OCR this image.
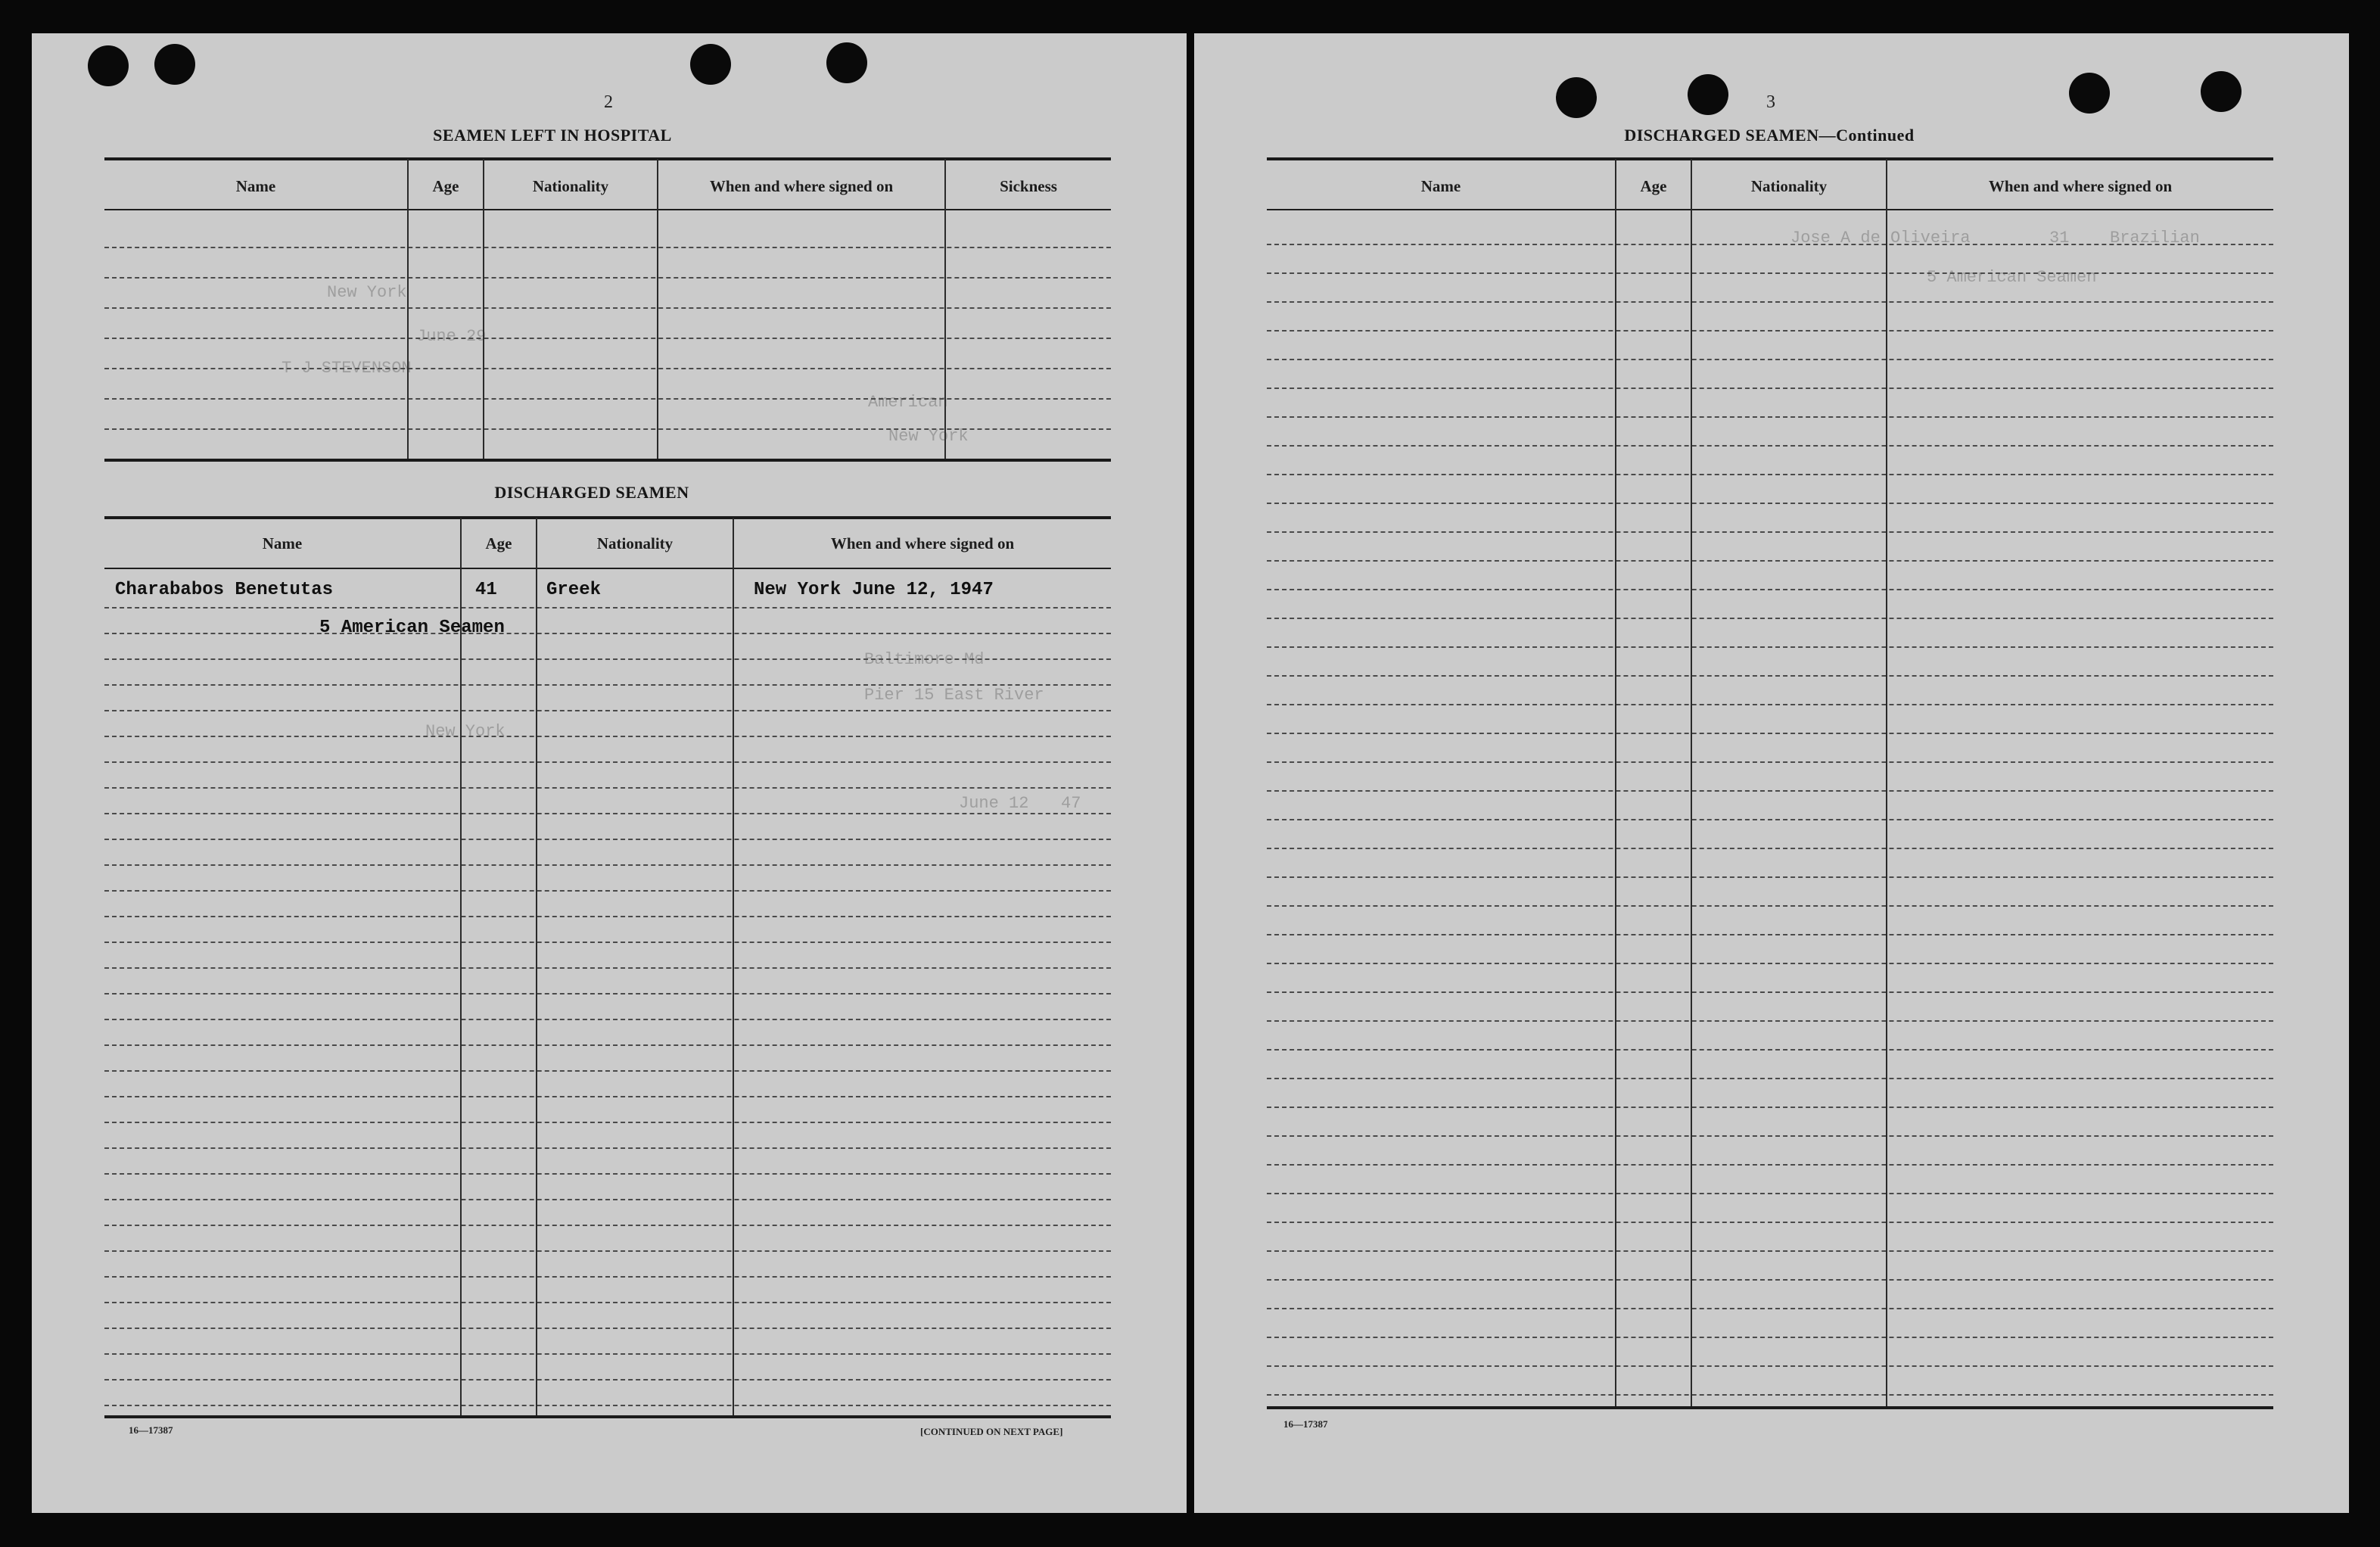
2
New York
June 29
T J STEVENSON
American
New York
Baltimore Md
Pier 15 East River
New York
June 12 47
SEAMEN LEFT IN HOSPITAL
Name	Age	Nationality	When and where signed on	Sickness
DISCHARGED SEAMEN
Name	Age	Nationality	When and where signed on
Charababos Benetutas	41	Greek	New York June 12, 1947
5 American Seamen
16—17387	[CONTINUED ON NEXT PAGE]
3
Jose A de Oliveira	31 Brazilian
5 American Seamen
DISCHARGED SEAMEN—Continued
Name	Age	Nationality	When and where signed on
16—17387
